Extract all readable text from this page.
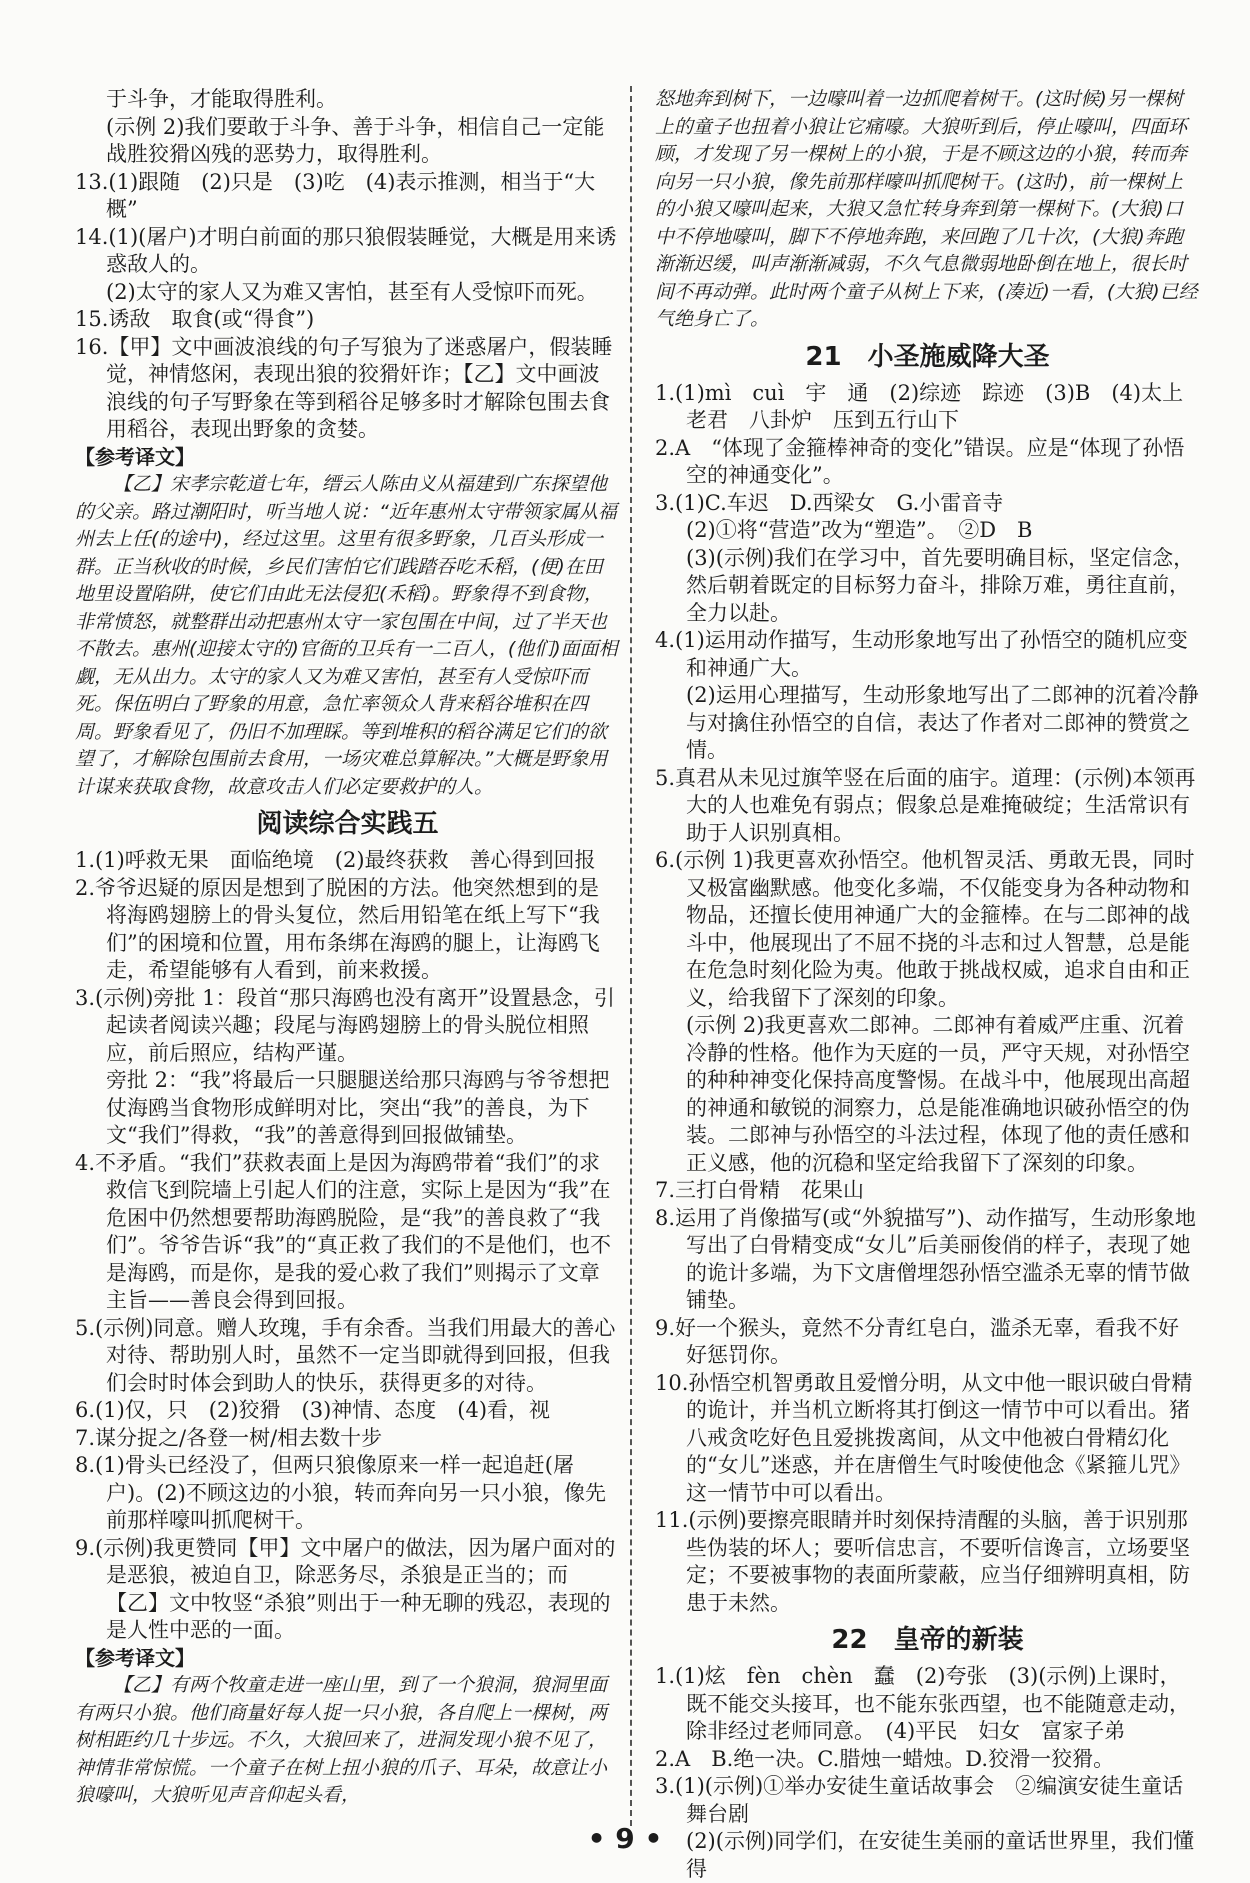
于斗争，才能取得胜利。
(示例 2)我们要敢于斗争、善于斗争，相信自己一定能战胜狡猾凶残的恶势力，取得胜利。
13.(1)跟随　(2)只是　(3)吃　(4)表示推测，相当于“大概”
14.(1)(屠户)才明白前面的那只狼假装睡觉，大概是用来诱惑敌人的。
(2)太守的家人又为难又害怕，甚至有人受惊吓而死。
15.诱敌　取食(或“得食”)
16.【甲】文中画波浪线的句子写狼为了迷惑屠户，假装睡觉，神情悠闲，表现出狼的狡猾奸诈；【乙】文中画波浪线的句子写野象在等到稻谷足够多时才解除包围去食用稻谷，表现出野象的贪婪。
【参考译文】
【乙】宋孝宗乾道七年，缙云人陈由义从福建到广东探望他的父亲。路过潮阳时，听当地人说：“近年惠州太守带领家属从福州去上任(的途中)，经过这里。这里有很多野象，几百头形成一群。正当秋收的时候，乡民们害怕它们践踏吞吃禾稻，(便)在田地里设置陷阱，使它们由此无法侵犯(禾稻)。野象得不到食物，非常愤怒，就整群出动把惠州太守一家包围在中间，过了半天也不散去。惠州(迎接太守的)官衙的卫兵有一二百人，(他们)面面相觑，无从出力。太守的家人又为难又害怕，甚至有人受惊吓而死。保伍明白了野象的用意，急忙率领众人背来稻谷堆积在四周。野象看见了，仍旧不加理睬。等到堆积的稻谷满足它们的欲望了，才解除包围前去食用，一场灾难总算解决。”大概是野象用计谋来获取食物，故意攻击人们必定要救护的人。
阅读综合实践五
1.(1)呼救无果　面临绝境　(2)最终获救　善心得到回报
2.爷爷迟疑的原因是想到了脱困的方法。他突然想到的是将海鸥翅膀上的骨头复位，然后用铅笔在纸上写下“我们”的困境和位置，用布条绑在海鸥的腿上，让海鸥飞走，希望能够有人看到，前来救援。
3.(示例)旁批 1：段首“那只海鸥也没有离开”设置悬念，引起读者阅读兴趣；段尾与海鸥翅膀上的骨头脱位相照应，前后照应，结构严谨。
旁批 2：“我”将最后一只腿腿送给那只海鸥与爷爷想把仗海鸥当食物形成鲜明对比，突出“我”的善良，为下文“我们”得救，“我”的善意得到回报做铺垫。
4.不矛盾。“我们”获救表面上是因为海鸥带着“我们”的求救信飞到院墙上引起人们的注意，实际上是因为“我”在危困中仍然想要帮助海鸥脱险，是“我”的善良救了“我们”。爷爷告诉“我”的“真正救了我们的不是他们，也不是海鸥，而是你，是我的爱心救了我们”则揭示了文章主旨——善良会得到回报。
5.(示例)同意。赠人玫瑰，手有余香。当我们用最大的善心对待、帮助别人时，虽然不一定当即就得到回报，但我们会时时体会到助人的快乐，获得更多的对待。
6.(1)仅，只　(2)狡猾　(3)神情、态度　(4)看，视
7.谋分捉之/各登一树/相去数十步
8.(1)骨头已经没了，但两只狼像原来一样一起追赶(屠户)。(2)不顾这边的小狼，转而奔向另一只小狼，像先前那样嚎叫抓爬树干。
9.(示例)我更赞同【甲】文中屠户的做法，因为屠户面对的是恶狼，被迫自卫，除恶务尽，杀狼是正当的；而【乙】文中牧竖“杀狼”则出于一种无聊的残忍，表现的是人性中恶的一面。
【参考译文】
【乙】有两个牧童走进一座山里，到了一个狼洞，狼洞里面有两只小狼。他们商量好每人捉一只小狼，各自爬上一棵树，两树相距约几十步远。不久，大狼回来了，进洞发现小狼不见了，神情非常惊慌。一个童子在树上扭小狼的爪子、耳朵，故意让小狼嚎叫，大狼听见声音仰起头看，
怒地奔到树下，一边嚎叫着一边抓爬着树干。(这时候)另一棵树上的童子也扭着小狼让它痛嚎。大狼听到后，停止嚎叫，四面环顾，才发现了另一棵树上的小狼，于是不顾这边的小狼，转而奔向另一只小狼，像先前那样嚎叫抓爬树干。(这时)，前一棵树上的小狼又嚎叫起来，大狼又急忙转身奔到第一棵树下。(大狼)口中不停地嚎叫，脚下不停地奔跑，来回跑了几十次，(大狼)奔跑渐渐迟缓，叫声渐渐减弱，不久气息微弱地卧倒在地上，很长时间不再动弹。此时两个童子从树上下来，(凑近)一看，(大狼)已经气绝身亡了。
21　小圣施威降大圣
1.(1)mì　cuì　宇　通　(2)综迹　踪迹　(3)B　(4)太上老君　八卦炉　压到五行山下
2.A　“体现了金箍棒神奇的变化”错误。应是“体现了孙悟空的神通变化”。
3.(1)C.车迟　D.西梁女　G.小雷音寺
(2)①将“营造”改为“塑造”。　②D　B
(3)(示例)我们在学习中，首先要明确目标，坚定信念，然后朝着既定的目标努力奋斗，排除万难，勇往直前，全力以赴。
4.(1)运用动作描写，生动形象地写出了孙悟空的随机应变和神通广大。
(2)运用心理描写，生动形象地写出了二郎神的沉着冷静与对擒住孙悟空的自信，表达了作者对二郎神的赞赏之情。
5.真君从未见过旗竿竖在后面的庙宇。道理：(示例)本领再大的人也难免有弱点；假象总是难掩破绽；生活常识有助于人识别真相。
6.(示例 1)我更喜欢孙悟空。他机智灵活、勇敢无畏，同时又极富幽默感。他变化多端，不仅能变身为各种动物和物品，还擅长使用神通广大的金箍棒。在与二郎神的战斗中，他展现出了不屈不挠的斗志和过人智慧，总是能在危急时刻化险为夷。他敢于挑战权威，追求自由和正义，给我留下了深刻的印象。
(示例 2)我更喜欢二郎神。二郎神有着威严庄重、沉着冷静的性格。他作为天庭的一员，严守天规，对孙悟空的种种神变化保持高度警惕。在战斗中，他展现出高超的神通和敏锐的洞察力，总是能准确地识破孙悟空的伪装。二郎神与孙悟空的斗法过程，体现了他的责任感和正义感，他的沉稳和坚定给我留下了深刻的印象。
7.三打白骨精　花果山
8.运用了肖像描写(或“外貌描写”)、动作描写，生动形象地写出了白骨精变成“女儿”后美丽俊俏的样子，表现了她的诡计多端，为下文唐僧埋怨孙悟空滥杀无辜的情节做铺垫。
9.好一个猴头，竟然不分青红皂白，滥杀无辜，看我不好好惩罚你。
10.孙悟空机智勇敢且爱憎分明，从文中他一眼识破白骨精的诡计，并当机立断将其打倒这一情节中可以看出。猪八戒贪吃好色且爱挑拨离间，从文中他被白骨精幻化的“女儿”迷惑，并在唐僧生气时唆使他念《紧箍儿咒》这一情节中可以看出。
11.(示例)要擦亮眼睛并时刻保持清醒的头脑，善于识别那些伪装的坏人；要听信忠言，不要听信谗言，立场要坚定；不要被事物的表面所蒙蔽，应当仔细辨明真相，防患于未然。
22　皇帝的新装
1.(1)炫　fèn　chèn　蠢　(2)夸张　(3)(示例)上课时，既不能交头接耳，也不能东张西望，也不能随意走动，除非经过老师同意。　(4)平民　妇女　富家子弟
2.A　B.绝一决。C.腊烛一蜡烛。D.狡滑一狡猾。
3.(1)(示例)①举办安徒生童话故事会　②编演安徒生童话舞台剧
(2)(示例)同学们，在安徒生美丽的童话世界里，我们懂得
• 9 •
